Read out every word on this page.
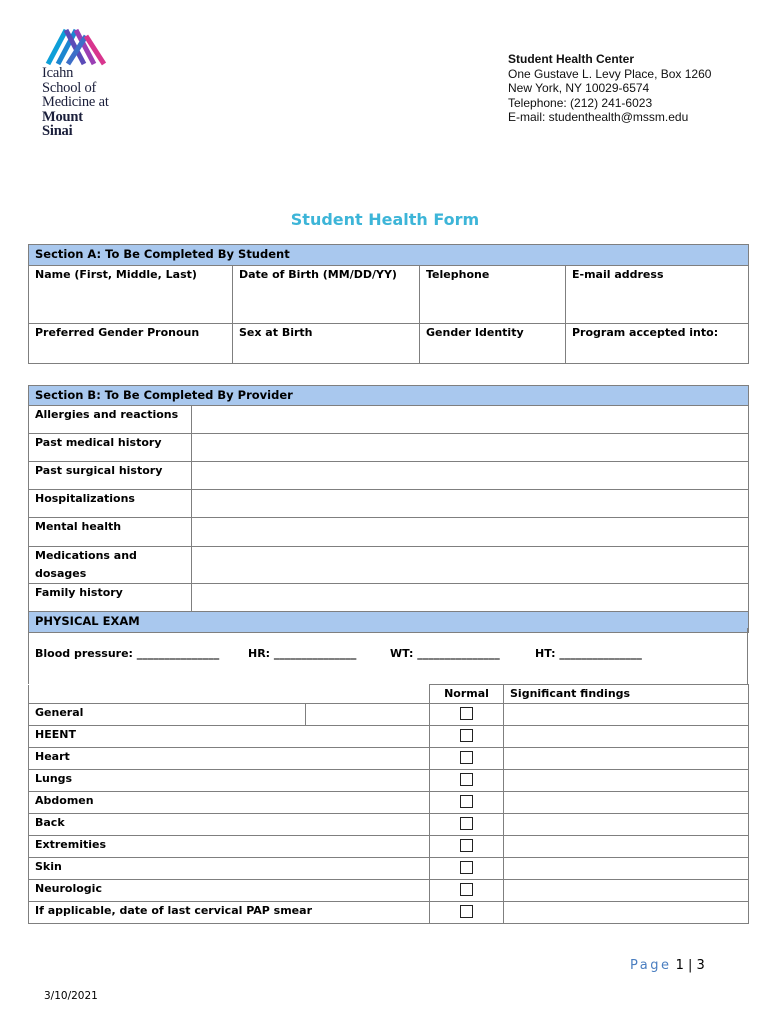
Icahn
School of
Medicine at
Mount
Sinai
Student Health Center
One Gustave L. Levy Place, Box 1260
New York, NY 10029-6574
Telephone: (212) 241-6023
E-mail: studenthealth@mssm.edu
Student Health Form
Section A: To Be Completed By Student			
Name (First, Middle, Last)	Date of Birth (MM/DD/YY)	Telephone	E-mail address
Preferred Gender Pronoun	Sex at Birth	Gender Identity	Program accepted into:
Section B: To Be Completed By Provider	
Allergies and reactions	
Past medical history	
Past surgical history	
Hospitalizations	
Mental health	
Medications and dosages	
Family history	
PHYSICAL EXAM	
Blood pressure: _______________	HR: _______________	WT: _______________	HT: _______________
		Normal	Significant findings
General			
HEENT			
Heart			
Lungs			
Abdomen			
Back			
Extremities			
Skin			
Neurologic			
If applicable, date of last cervical PAP smear			
Page 1 | 3
3/10/2021
